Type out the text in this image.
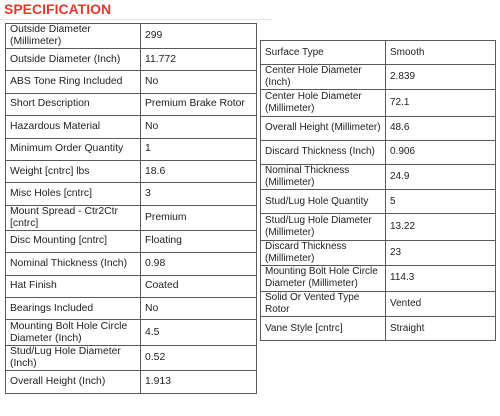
SPECIFICATION
Outside Diameter (Millimeter)	299
Outside Diameter (Inch)	11.772
ABS Tone Ring Included	No
Short Description	Premium Brake Rotor
Hazardous Material	No
Minimum Order Quantity	1
Weight [cntrc] lbs	18.6
Misc Holes [cntrc]	3
Mount Spread - Ctr2Ctr [cntrc]	Premium
Disc Mounting [cntrc]	Floating
Nominal Thickness (Inch)	0.98
Hat Finish	Coated
Bearings Included	No
Mounting Bolt Hole Circle Diameter (Inch)	4.5
Stud/Lug Hole Diameter (Inch)	0.52
Overall Height (Inch)	1.913
Surface Type	Smooth
Center Hole Diameter (Inch)	2.839
Center Hole Diameter (Millimeter)	72.1
Overall Height (Millimeter)	48.6
Discard Thickness (Inch)	0.906
Nominal Thickness (Millimeter)	24.9
Stud/Lug Hole Quantity	5
Stud/Lug Hole Diameter (Millimeter)	13.22
Discard Thickness (Millimeter)	23
Mounting Bolt Hole Circle Diameter (Millimeter)	114.3
Solid Or Vented Type Rotor	Vented
Vane Style [cntrc]	Straight
